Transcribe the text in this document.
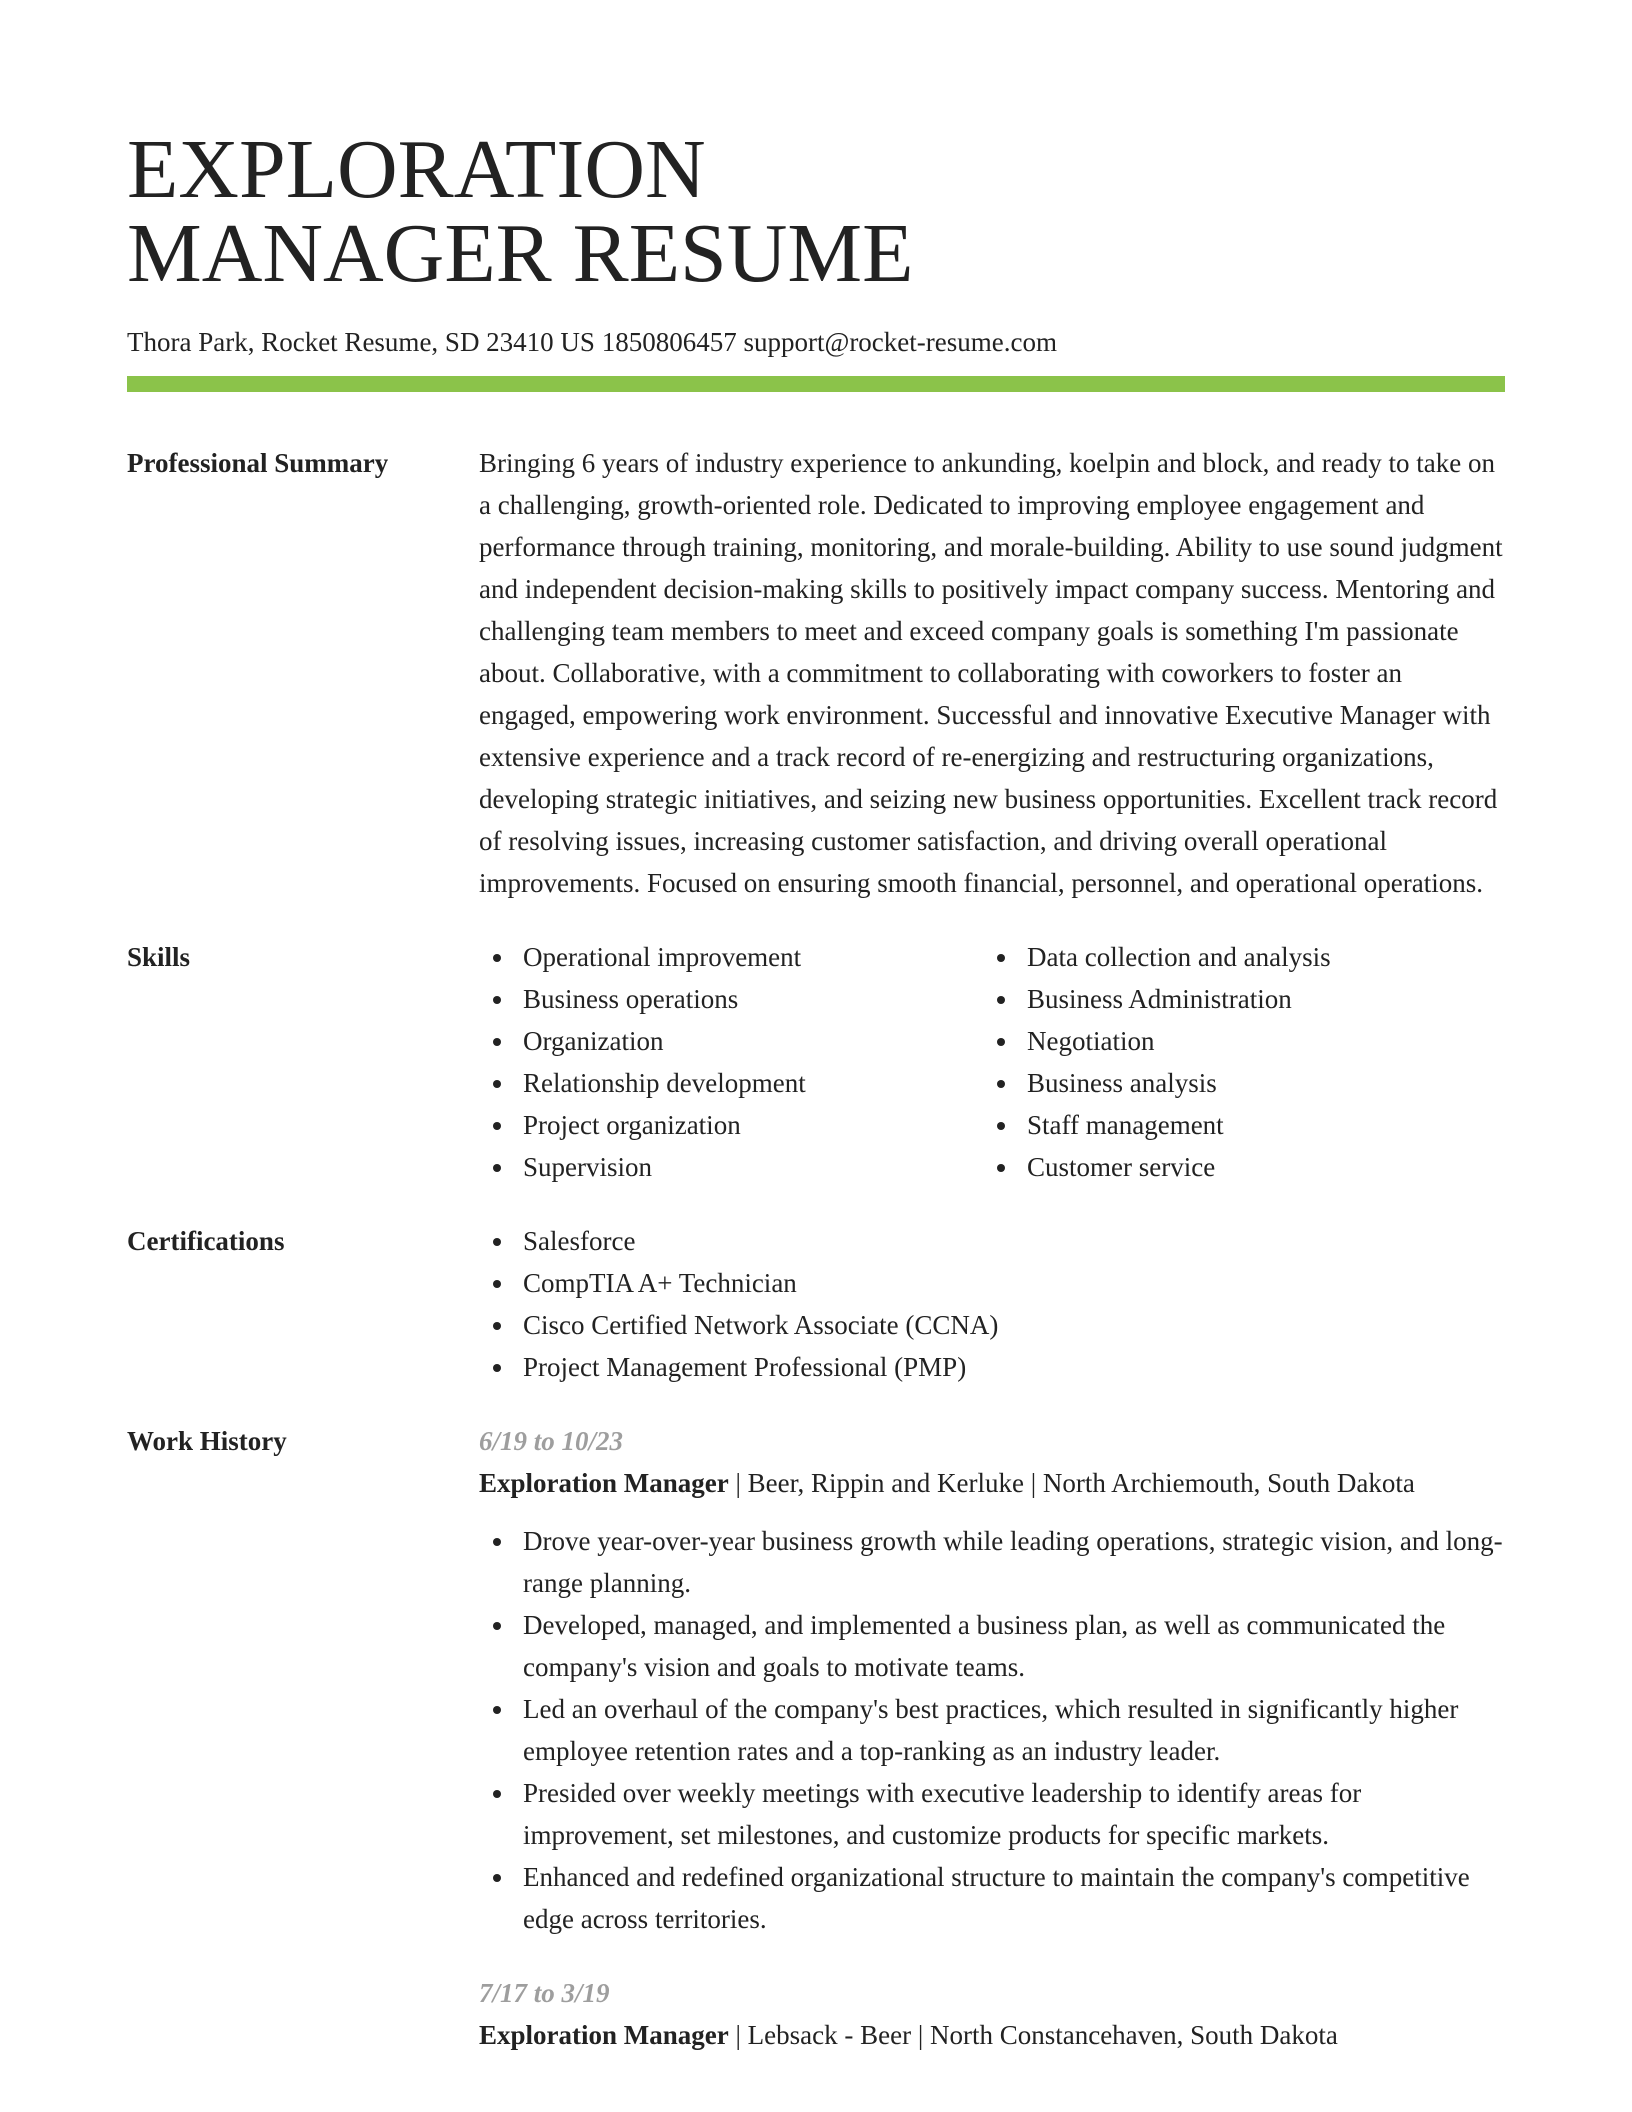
EXPLORATION
MANAGER RESUME
Thora Park, Rocket Resume, SD 23410 US 1850806457 support@rocket-resume.com
Professional Summary	Bringing 6 years of industry experience to ankunding, koelpin and block, and ready to take on a challenging, growth-oriented role. Dedicated to improving employee engagement and performance through training, monitoring, and morale-building. Ability to use sound judgment and independent decision-making skills to positively impact company success. Mentoring and challenging team members to meet and exceed company goals is something I'm passionate about. Collaborative, with a commitment to collaborating with coworkers to foster an engaged, empowering work environment. Successful and innovative Executive Manager with extensive experience and a track record of re-energizing and restructuring organizations, developing strategic initiatives, and seizing new business opportunities. Excellent track record of resolving issues, increasing customer satisfaction, and driving overall operational improvements. Focused on ensuring smooth financial, personnel, and operational operations.
Skills	Operational improvement
Business operations
Organization
Relationship development
Project organization
Supervision
Data collection and analysis
Business Administration
Negotiation
Business analysis
Staff management
Customer service
Certifications	Salesforce
CompTIA A+ Technician
Cisco Certified Network Associate (CCNA)
Project Management Professional (PMP)
Work History	6/19 to 10/23
Exploration Manager | Beer, Rippin and Kerluke | North Archiemouth, South Dakota
Drove year-over-year business growth while leading operations, strategic vision, and long-range planning.
Developed, managed, and implemented a business plan, as well as communicated the company's vision and goals to motivate teams.
Led an overhaul of the company's best practices, which resulted in significantly higher employee retention rates and a top-ranking as an industry leader.
Presided over weekly meetings with executive leadership to identify areas for improvement, set milestones, and customize products for specific markets.
Enhanced and redefined organizational structure to maintain the company's competitive edge across territories.
7/17 to 3/19
Exploration Manager | Lebsack - Beer | North Constancehaven, South Dakota
